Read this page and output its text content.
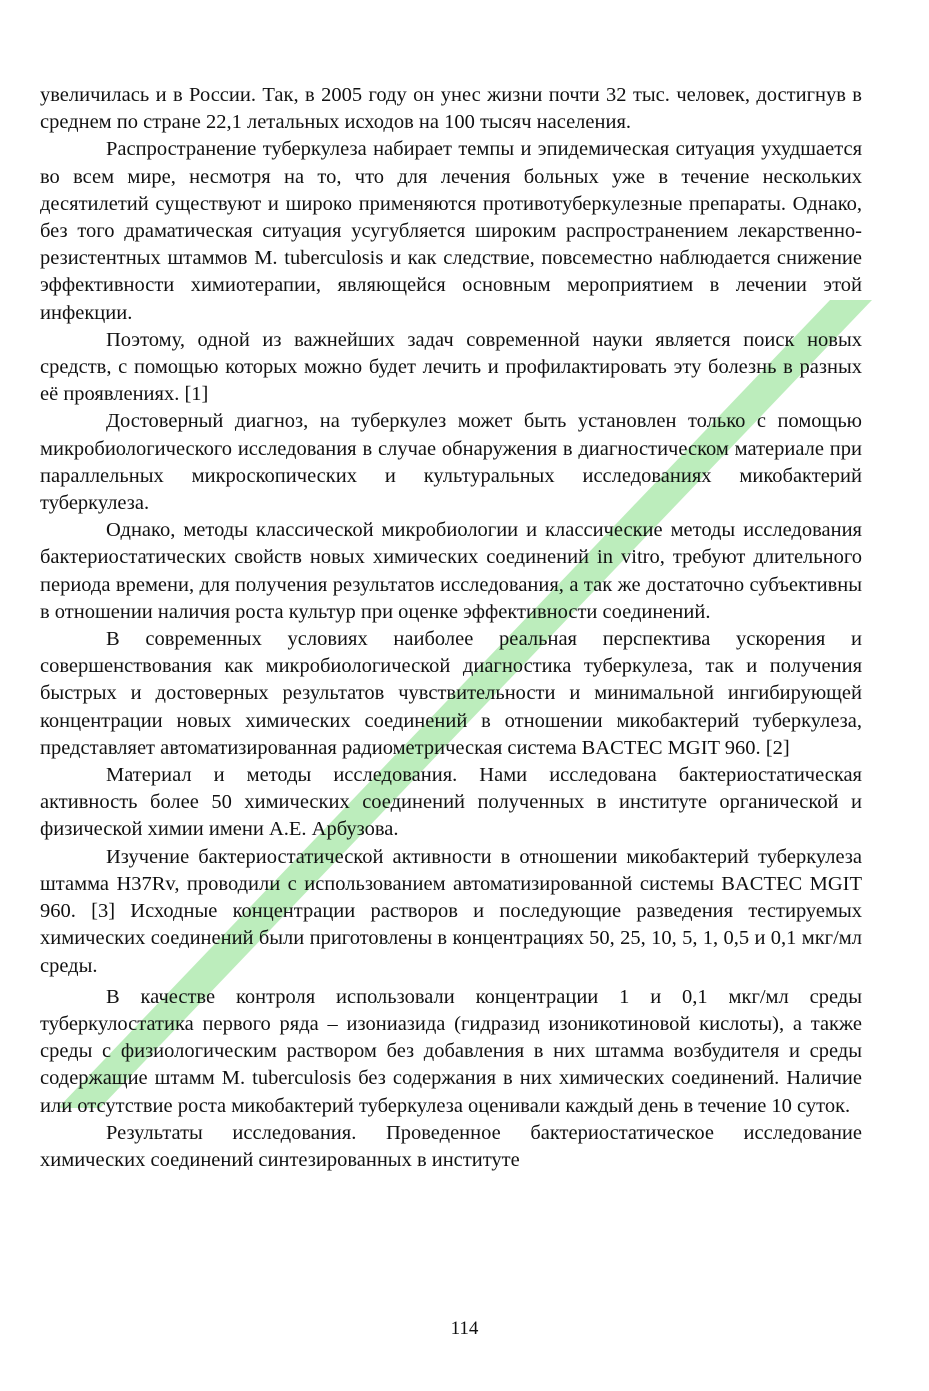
увеличилась и в России. Так, в 2005 году он унес жизни почти 32 тыс. человек, достигнув в среднем по стране 22,1 летальных исходов на 100 тысяч населения.

Распространение туберкулеза набирает темпы и эпидемическая ситуация ухудшается во всем мире, несмотря на то, что для лечения больных уже в течение нескольких десятилетий существуют и широко применяются противотуберкулезные препараты. Однако, без того драматическая ситуация усугубляется широким распространением лекарственно-резистентных штаммов M. tuberculosis и как следствие, повсеместно наблюдается снижение эффективности химиотерапии, являющейся основным мероприятием в лечении этой инфекции.

Поэтому, одной из важнейших задач современной науки является поиск новых средств, с помощью которых можно будет лечить и профилактировать эту болезнь в разных её проявлениях. [1]

Достоверный диагноз, на туберкулез может быть установлен только с помощью микробиологического исследования в случае обнаружения в диагностическом материале при параллельных микроскопических и культуральных исследованиях микобактерий туберкулеза.

Однако, методы классической микробиологии и классические методы исследования бактериостатических свойств новых химических соединений in vitro, требуют длительного периода времени, для получения результатов исследования, а так же достаточно субъективны в отношении наличия роста культур при оценке эффективности соединений.

В современных условиях наиболее реальная перспектива ускорения и совершенствования как микробиологической диагностика туберкулеза, так и получения быстрых и достоверных результатов чувствительности и минимальной ингибирующей концентрации новых химических соединений в отношении микобактерий туберкулеза, представляет автоматизированная радиометрическая система BACTEC MGIT 960. [2]

Материал и методы исследования. Нами исследована бактериостатическая активность более 50 химических соединений полученных в институте органической и физической химии имени А.Е. Арбузова.

Изучение бактериостатической активности в отношении микобактерий туберкулеза штамма H37Rv, проводили с использованием автоматизированной системы BACTEC MGIT 960. [3] Исходные концентрации растворов и последующие разведения тестируемых химических соединений были приготовлены в концентрациях 50, 25, 10, 5, 1, 0,5 и 0,1 мкг/мл среды.

В качестве контроля использовали концентрации 1 и 0,1 мкг/мл среды туберкулостатика первого ряда – изониазида (гидразид изоникотиновой кислоты), а также среды с физиологическим раствором без добавления в них штамма возбудителя и среды содержащие штамм M. tuberculosis без содержания в них химических соединений. Наличие или отсутствие роста микобактерий туберкулеза оценивали каждый день в течение 10 суток.

Результаты исследования. Проведенное бактериостатическое исследование химических соединений синтезированных в институте

114
